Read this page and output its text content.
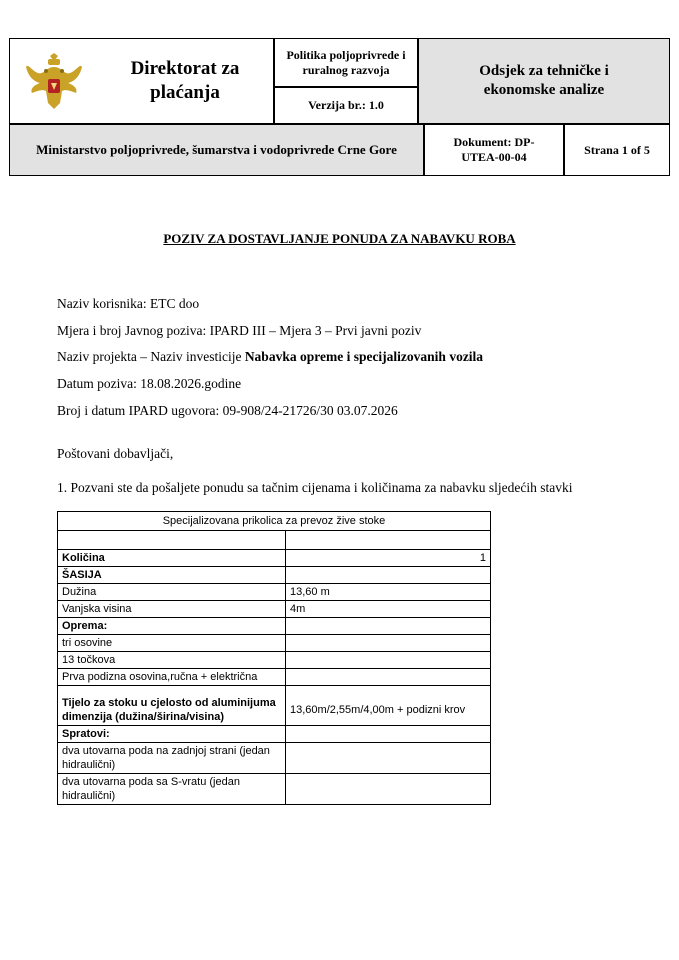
Direktorat za plaćanja
Politika poljoprivrede i ruralnog razvoja
Verzija br.: 1.0
Odsjek za tehničke i ekonomske analize
Ministarstvo poljoprivrede, šumarstva i vodoprivrede Crne Gore	Dokument: DP-UTEA-00-04
Strana 1 of 5
POZIV ZA DOSTAVLJANJE PONUDA ZA NABAVKU ROBA
Naziv korisnika: ETC doo
Mjera i broj Javnog poziva: IPARD III – Mjera 3 – Prvi javni poziv
Naziv projekta – Naziv investicije Nabavka opreme i specijalizovanih vozila
Datum poziva: 18.08.2026.godine
Broj i datum IPARD ugovora: 09-908/24-21726/30 03.07.2026
Poštovani dobavljači,
1. Pozvani ste da pošaljete ponudu sa tačnim cijenama i količinama za nabavku sljedećih stavki
Specijalizovana prikolica za prevoz žive stoke	

Količina	1
ŠASIJA	
Dužina	13,60 m
Vanjska visina	4m
Oprema:	
tri osovine	
13 točkova	
Prva podizna osovina,ručna + električna	
Tijelo za stoku u cjelosto od aluminijuma dimenzija (dužina/širina/visina)	13,60m/2,55m/4,00m + podizni krov
Spratovi:	
dva utovarna poda na zadnjoj strani (jedan hidraulični)	
dva utovarna poda sa S-vratu (jedan hidraulični)	
